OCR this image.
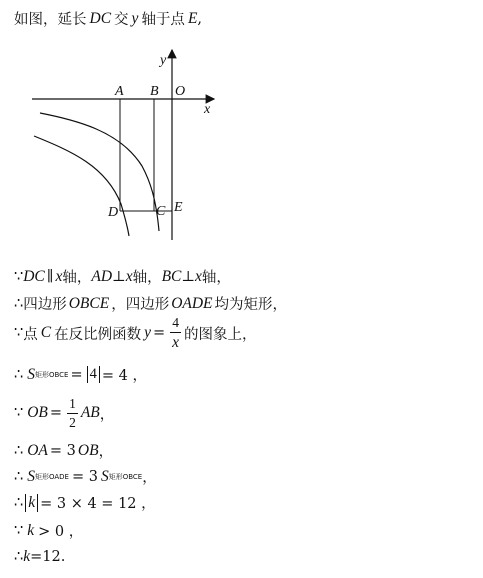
如图，延长 DC 交 y 轴于点 E ,
y
x
A B O
D	C E
∵ DC ∥ x 轴， AD ⊥ x 轴， BC ⊥ x 轴，
∴ 四边形 OBCE ，四边形 OADE 均为矩形，
∵ 点 C 在反比例函数 $y = \frac{4}{x}$ 的图象上，
∴ S 矩形OBCE = 4 = 4 ，
∵ OB = $\frac{1}{2}$ AB ，
∴ OA = 3 OB ，
∴ S 矩形OADE = 3 S 矩形OBCE ，
∴ k = 3 × 4 = 12 ，
∵ k > 0 ，
∴ k =12.
